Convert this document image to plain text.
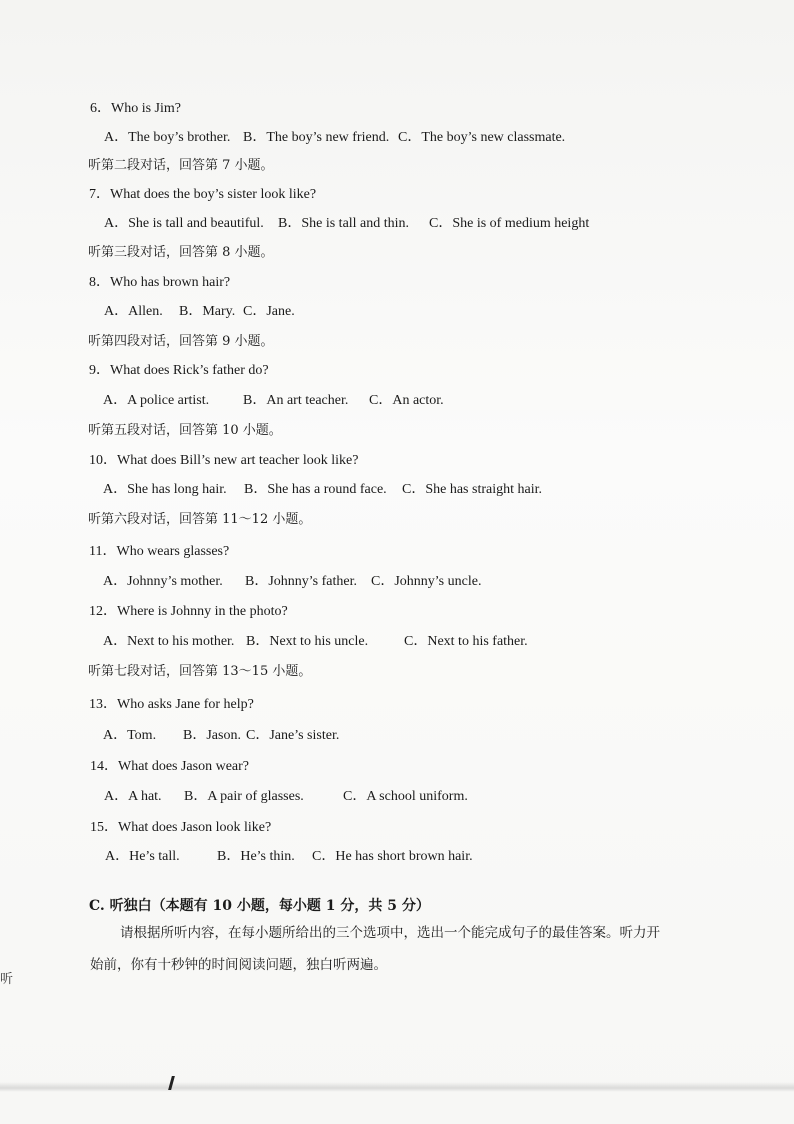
6．Who is Jim?
A．The boy’s brother. B．The boy’s new friend. C．The boy’s new classmate.
听第二段对话，回答第 7 小题。
7．What does the boy’s sister look like?
A．She is tall and beautiful. B．She is tall and thin. C．She is of medium height
听第三段对话，回答第 8 小题。
8．Who has brown hair?
A．Allen. B．Mary. C．Jane.
听第四段对话，回答第 9 小题。
9．What does Rick’s father do?
A．A police artist. B．An art teacher. C．An actor.
听第五段对话，回答第 10 小题。
10．What does Bill’s new art teacher look like?
A．She has long hair. B．She has a round face. C．She has straight hair.
听第六段对话，回答第 11～12 小题。
11．Who wears glasses?
A．Johnny’s mother. B．Johnny’s father. C．Johnny’s uncle.
12．Where is Johnny in the photo?
A．Next to his mother. B．Next to his uncle.	C．Next to his father.
听第七段对话，回答第 13～15 小题。
13．Who asks Jane for help?
A．Tom. B．Jason. C．Jane’s sister.
14．What does Jason wear?
A．A hat. B．A pair of glasses.	C．A school uniform.
15．What does Jason look like?
A．He’s tall.	B．He’s thin. C．He has short brown hair.
C. 听独白（本题有 10 小题，每小题 1 分，共 5 分）
请根据所听内容，在每小题所给出的三个选项中，选出一个能完成句子的最佳答案。听力开
始前，你有十秒钟的时间阅读问题，独白听两遍。
听
